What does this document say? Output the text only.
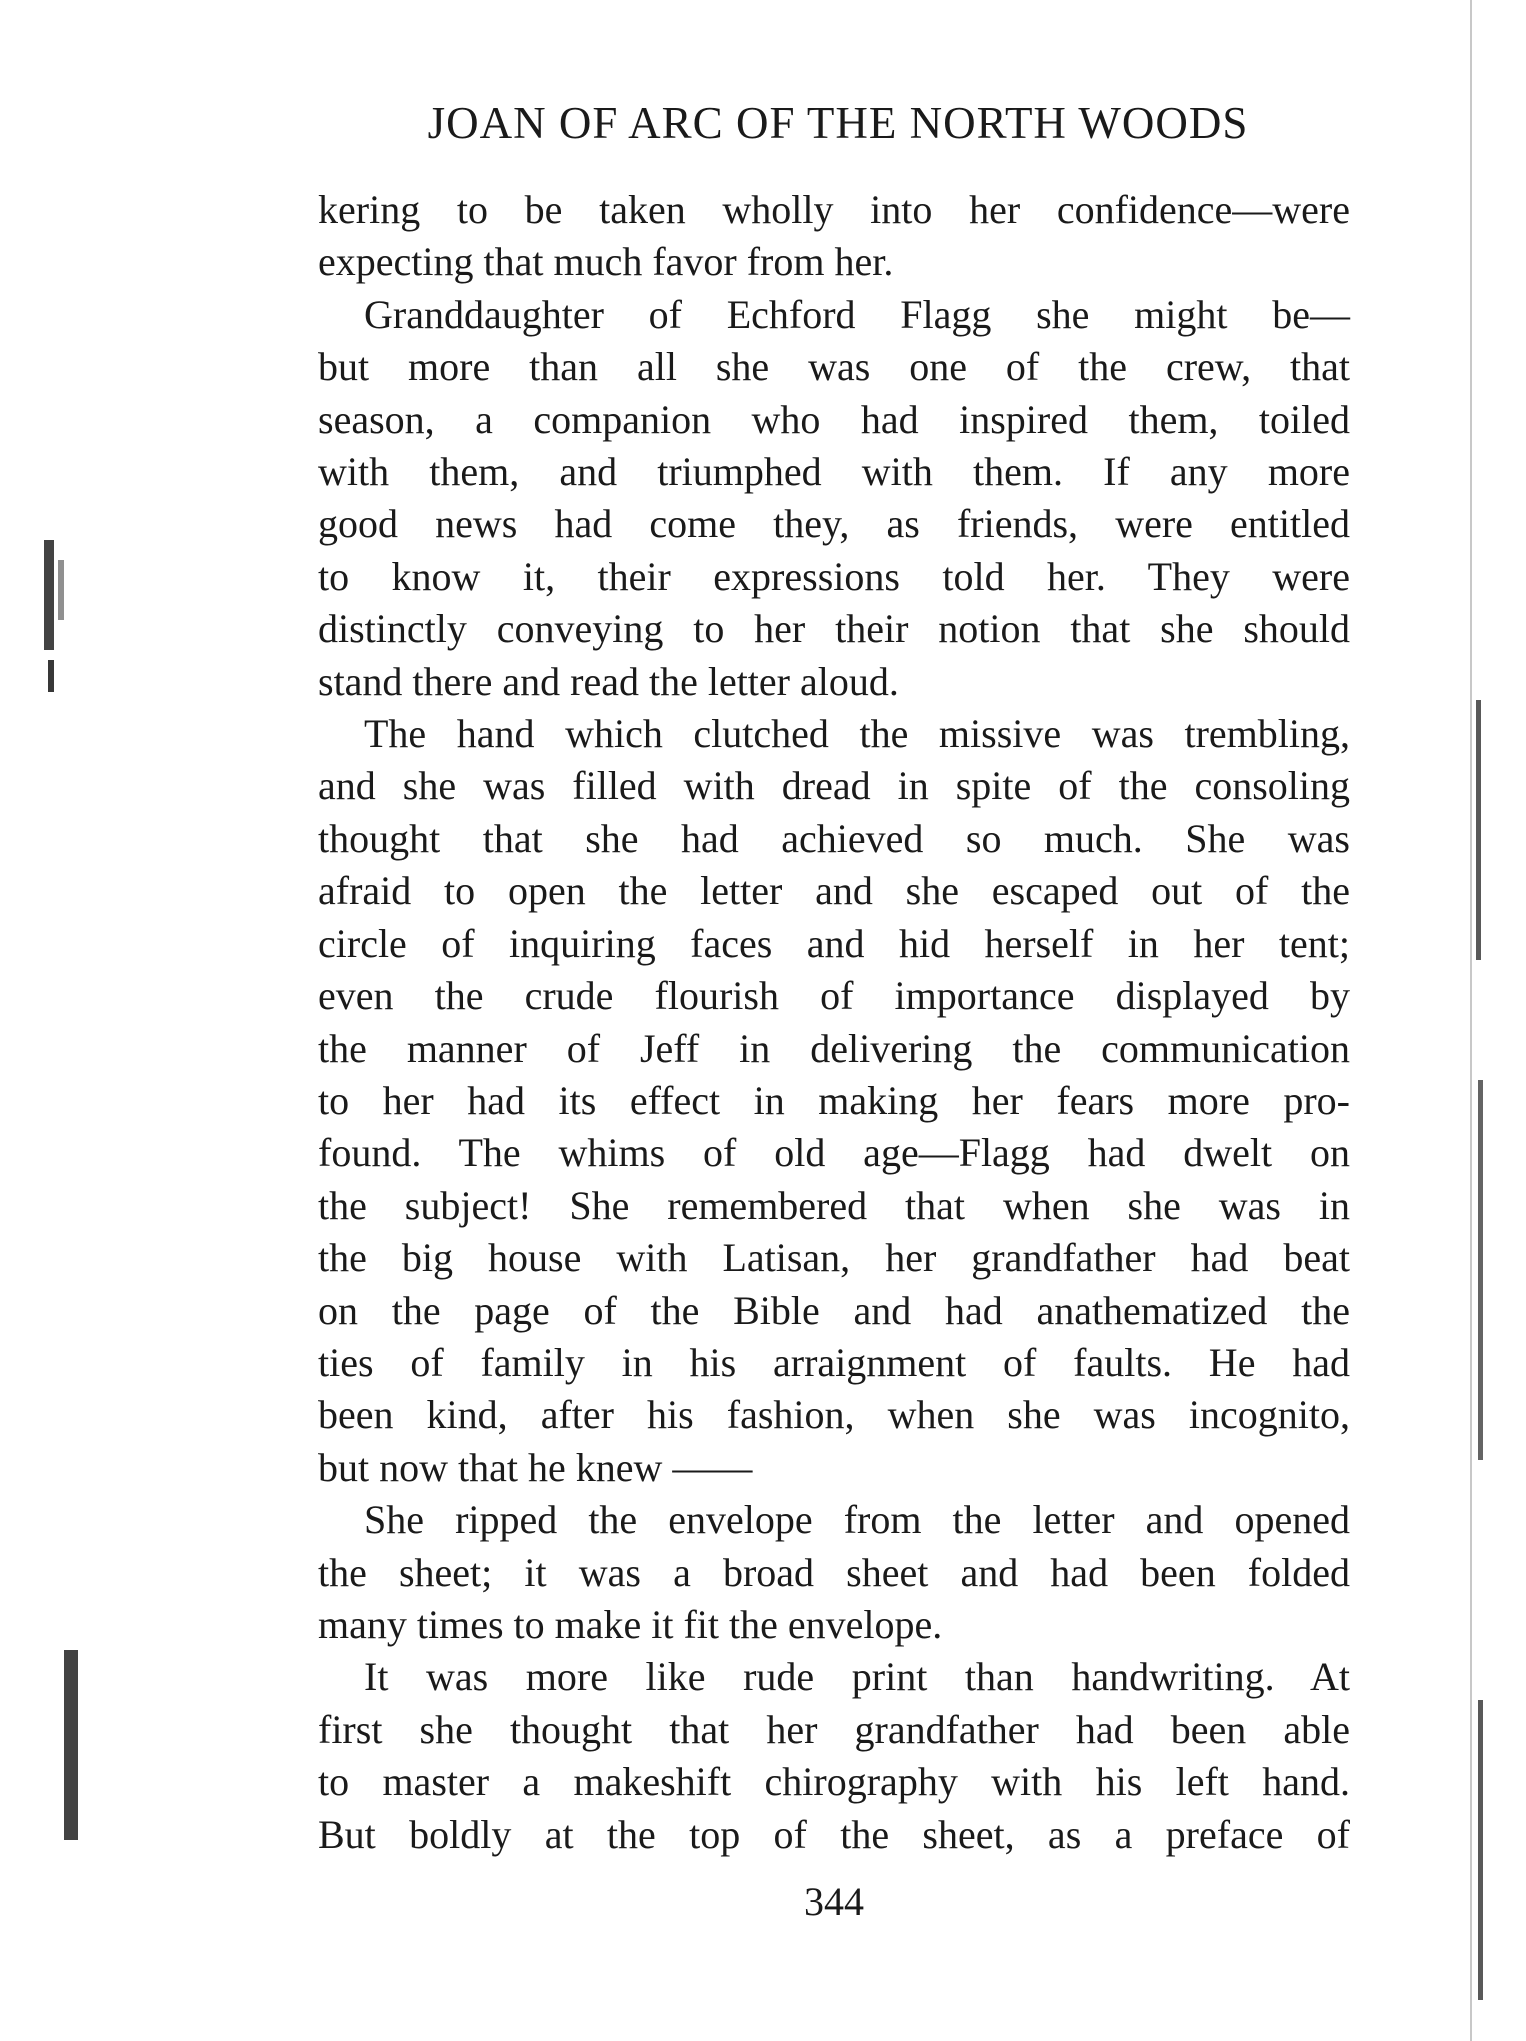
JOAN OF ARC OF THE NORTH WOODS
kering to be taken wholly into her confidence—were
expecting that much favor from her.
Granddaughter of Echford Flagg she might be—
but more than all she was one of the crew, that
season, a companion who had inspired them, toiled
with them, and triumphed with them. If any more
good news had come they, as friends, were entitled
to know it, their expressions told her. They were
distinctly conveying to her their notion that she should
stand there and read the letter aloud.
The hand which clutched the missive was trembling,
and she was filled with dread in spite of the consoling
thought that she had achieved so much. She was
afraid to open the letter and she escaped out of the
circle of inquiring faces and hid herself in her tent;
even the crude flourish of importance displayed by
the manner of Jeff in delivering the communication
to her had its effect in making her fears more pro-
found. The whims of old age—Flagg had dwelt on
the subject! She remembered that when she was in
the big house with Latisan, her grandfather had beat
on the page of the Bible and had anathematized the
ties of family in his arraignment of faults. He had
been kind, after his fashion, when she was incognito,
but now that he knew ——
She ripped the envelope from the letter and opened
the sheet; it was a broad sheet and had been folded
many times to make it fit the envelope.
It was more like rude print than handwriting. At
first she thought that her grandfather had been able
to master a makeshift chirography with his left hand.
But boldly at the top of the sheet, as a preface of
344
